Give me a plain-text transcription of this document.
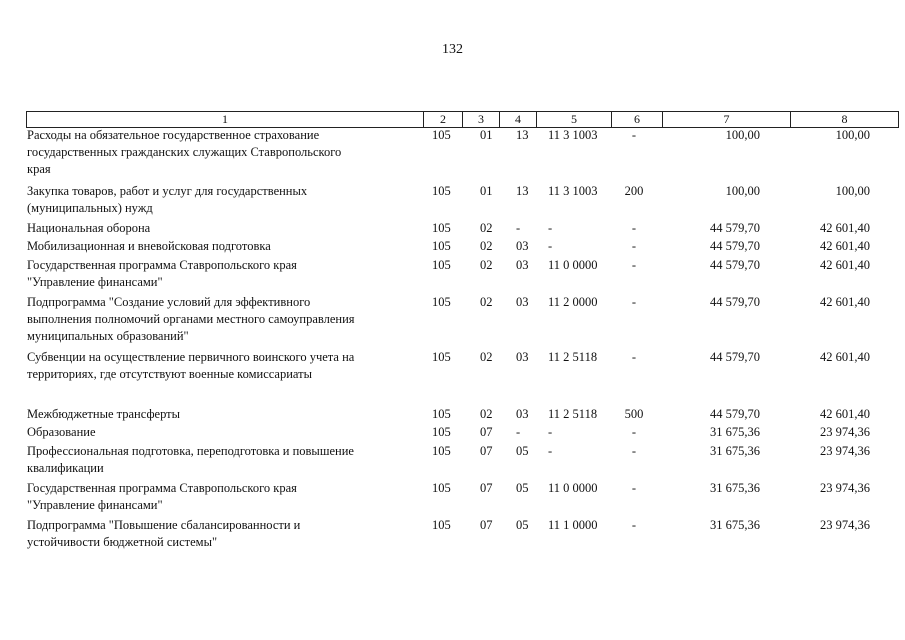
132
1	2	3	4	5	6	7	8
Расходы на обязательное государственное страхование
государственных гражданских служащих Ставропольского
края
105	01	13	11 3 1003	-	100,00	100,00
Закупка товаров, работ и услуг для государственных
(муниципальных) нужд
105	01	13	11 3 1003	200	100,00	100,00
Национальная оборона	105	02	-	-	-	44 579,70	42 601,40
Мобилизационная и вневойсковая подготовка	105	02	03	-	-	44 579,70	42 601,40
Государственная программа Ставропольского края
"Управление финансами"
105	02	03	11 0 0000	-	44 579,70	42 601,40
Подпрограмма "Создание условий для эффективного
выполнения полномочий органами местного самоуправления
муниципальных образований"
105	02	03	11 2 0000	-	44 579,70	42 601,40
Субвенции на осуществление первичного воинского учета на
территориях, где отсутствуют военные комиссариаты
105	02	03	11 2 5118	-	44 579,70	42 601,40
Межбюджетные трансферты	105	02	03	11 2 5118	500	44 579,70	42 601,40
Образование	105	07	-	-	-	31 675,36	23 974,36
Профессиональная подготовка, переподготовка и повышение
квалификации
105	07	05	-	-	31 675,36	23 974,36
Государственная программа Ставропольского края
"Управление финансами"
105	07	05	11 0 0000	-	31 675,36	23 974,36
Подпрограмма "Повышение сбалансированности и
устойчивости бюджетной системы"
105	07	05	11 1 0000	-	31 675,36	23 974,36
